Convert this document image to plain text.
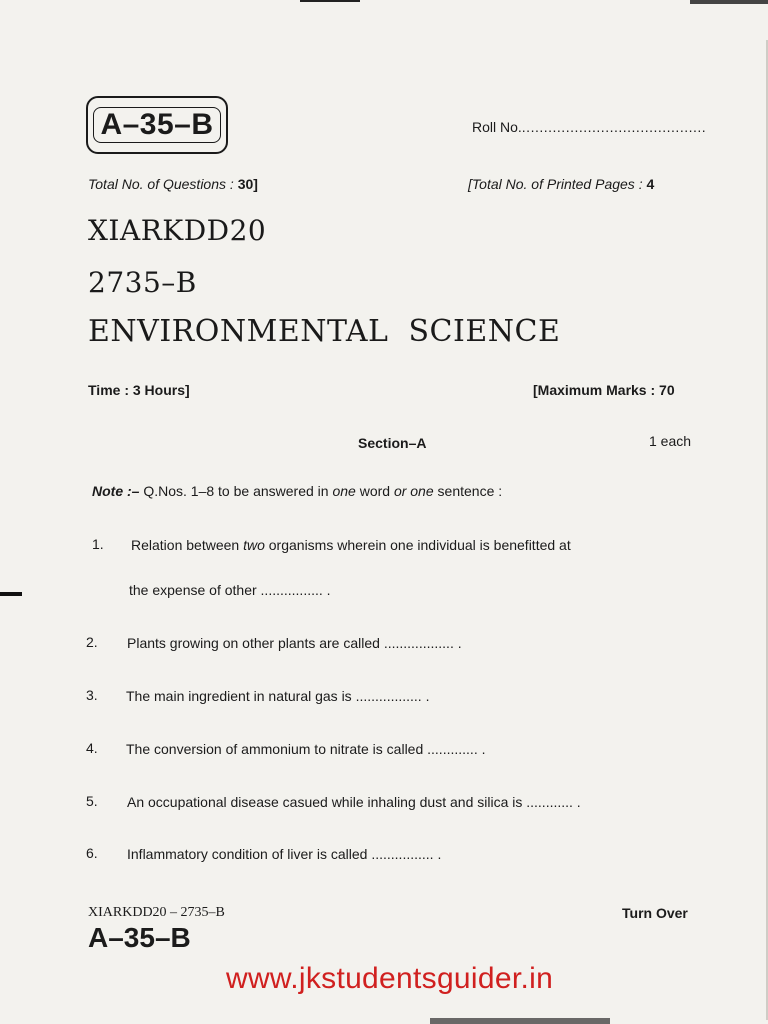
A–35–B	Roll No...........................................
Total No. of Questions : 30]	[Total No. of Printed Pages : 4
XIARKDD20
2735–B
ENVIRONMENTAL  SCIENCE
Time : 3 Hours]	[Maximum Marks : 70
Section–A	1 each
Note :– Q.Nos. 1–8 to be answered in one word or one sentence :
1. Relation between two organisms wherein one individual is benefitted at
the expense of other ................ .
2. Plants growing on other plants are called .................. .
3. The main ingredient in natural gas is ................. .
4. The conversion of ammonium to nitrate is called ............. .
5. An occupational disease casued while inhaling dust and silica is ............ .
6. Inflammatory condition of liver is called ................ .
XIARKDD20 – 2735–B	Turn Over
A–35–B
www.jkstudentsguider.in
